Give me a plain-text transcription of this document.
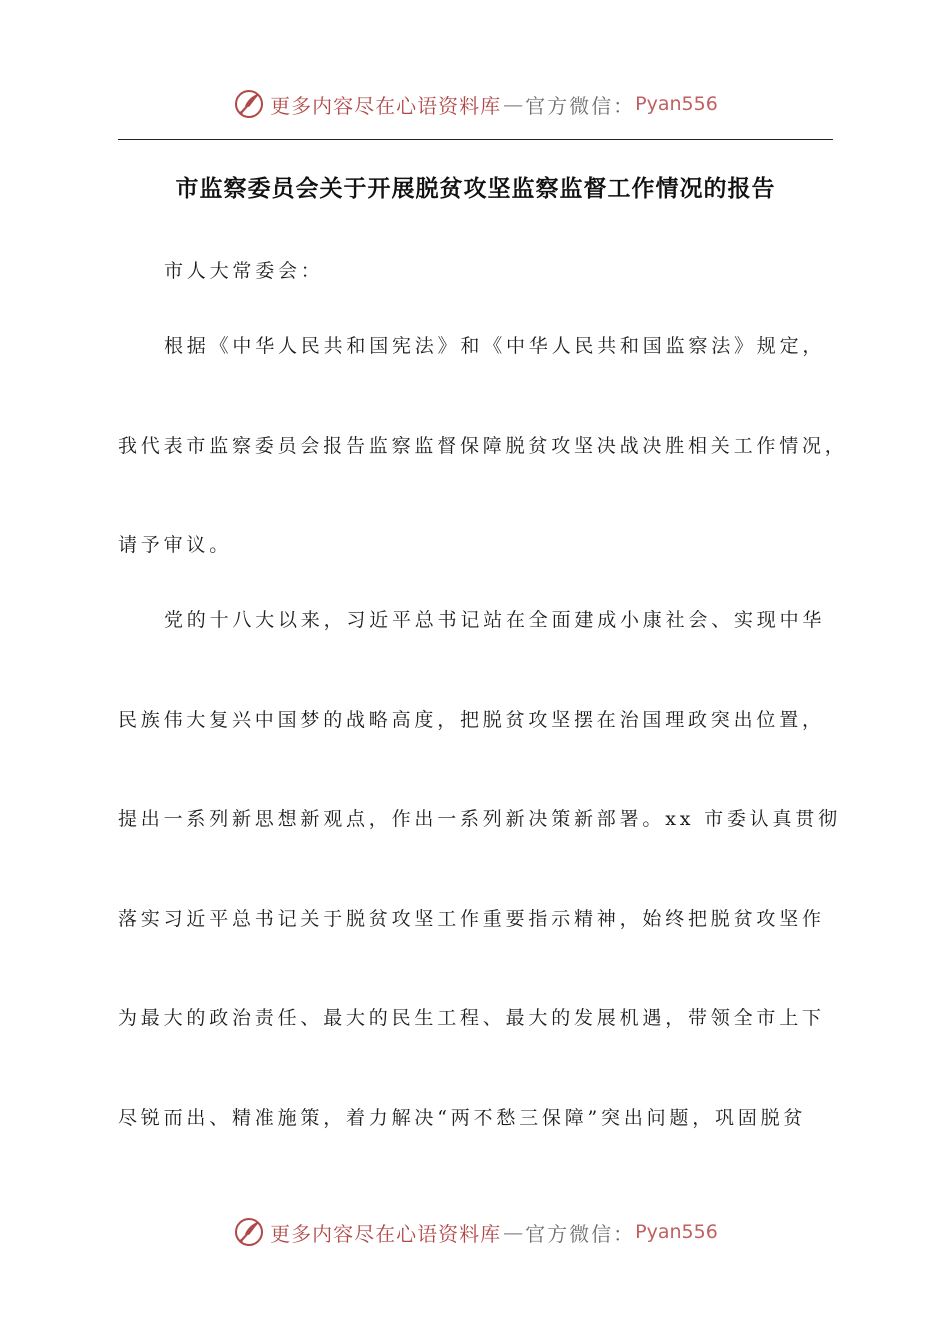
更多内容尽在心语资料库 — 官方微信： Pyan556
市监察委员会关于开展脱贫攻坚监察监督工作情况的报告
市人大常委会：
根据《中华人民共和国宪法》和《中华人民共和国监察法》规定，
我代表市监察委员会报告监察监督保障脱贫攻坚决战决胜相关工作情况，
请予审议。
党的十八大以来，习近平总书记站在全面建成小康社会、实现中华
民族伟大复兴中国梦的战略高度，把脱贫攻坚摆在治国理政突出位置，
提出一系列新思想新观点，作出一系列新决策新部署。xx 市委认真贯彻
落实习近平总书记关于脱贫攻坚工作重要指示精神，始终把脱贫攻坚作
为最大的政治责任、最大的民生工程、最大的发展机遇，带领全市上下
尽锐而出、精准施策，着力解决“两不愁三保障”突出问题，巩固脱贫
更多内容尽在心语资料库 — 官方微信： Pyan556
